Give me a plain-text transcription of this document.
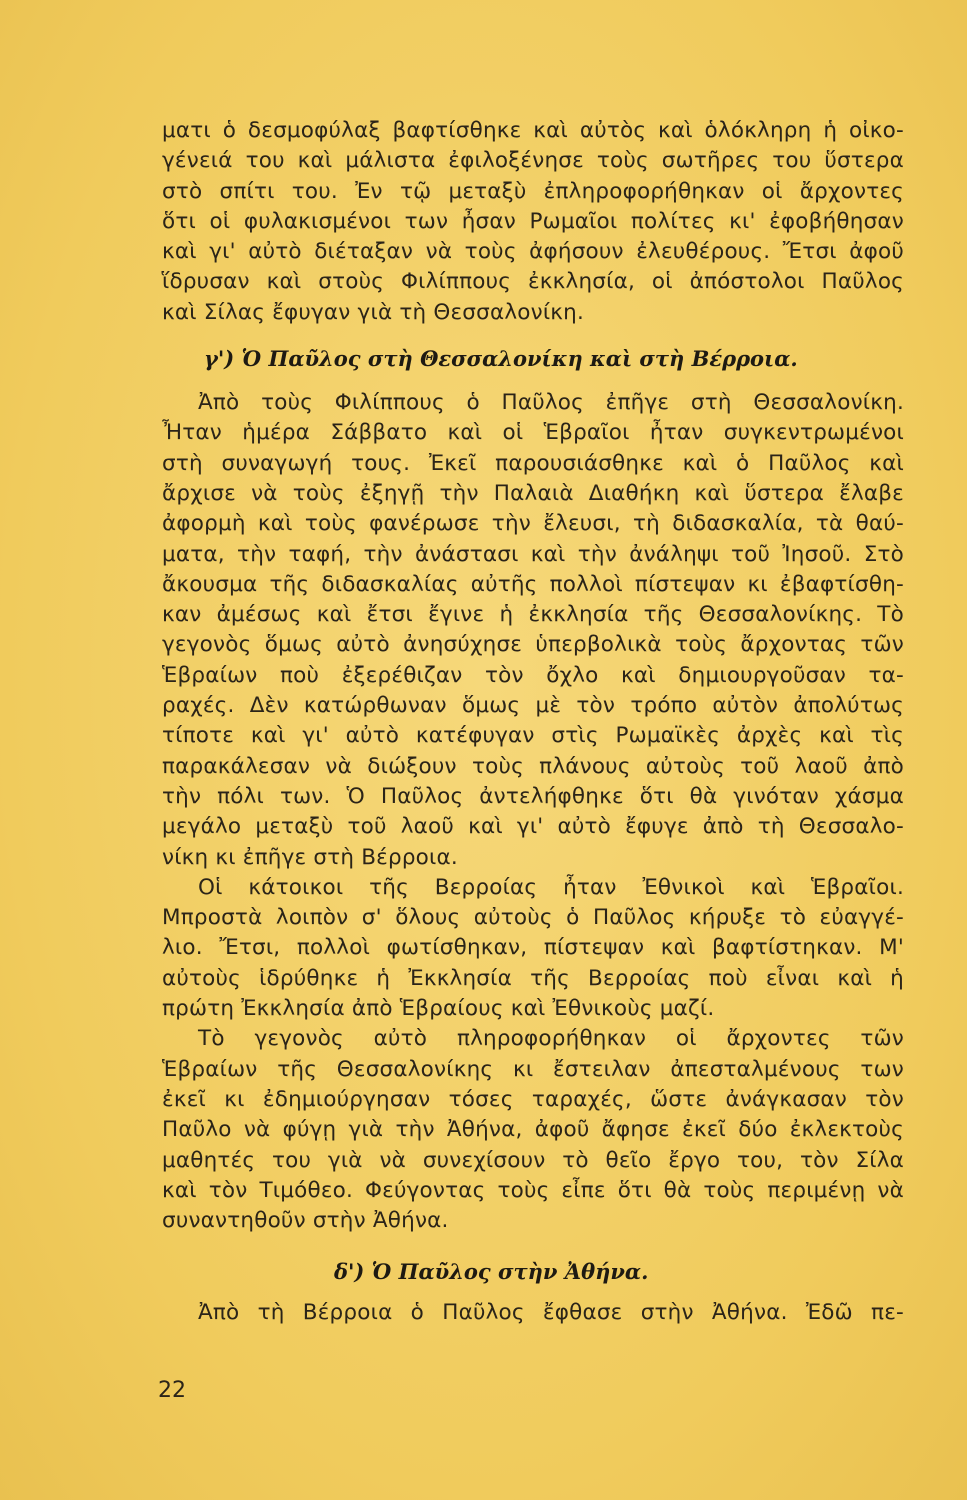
ματι ὁ δεσμοφύλαξ βαφτίσθηκε καὶ αὐτὸς καὶ ὁλόκληρη ἡ οἰκο-
γένειά του καὶ μάλιστα ἐφιλοξένησε τοὺς σωτῆρες του ὕστερα
στὸ σπίτι του. Ἐν τῷ μεταξὺ ἐπληροφορήθηκαν οἱ ἄρχοντες
ὅτι οἱ φυλακισμένοι των ἦσαν Ρωμαῖοι πολίτες κι' ἐφοβήθησαν
καὶ γι' αὐτὸ διέταξαν νὰ τοὺς ἀφήσουν ἐλευθέρους. Ἔτσι ἀφοῦ
ἵδρυσαν καὶ στοὺς Φιλίππους ἐκκλησία, οἱ ἀπόστολοι Παῦλος
καὶ Σίλας ἔφυγαν γιὰ τὴ Θεσσαλονίκη.

γ') Ὁ Παῦλος στὴ Θεσσαλονίκη καὶ στὴ Βέρροια.

Ἀπὸ τοὺς Φιλίππους ὁ Παῦλος ἐπῆγε στὴ Θεσσαλονίκη.
Ἦταν ἡμέρα Σάββατο καὶ οἱ Ἑβραῖοι ἦταν συγκεντρωμένοι
στὴ συναγωγή τους. Ἐκεῖ παρουσιάσθηκε καὶ ὁ Παῦλος καὶ
ἄρχισε νὰ τοὺς ἐξηγῇ τὴν Παλαιὰ Διαθήκη καὶ ὕστερα ἔλαβε
ἀφορμὴ καὶ τοὺς φανέρωσε τὴν ἔλευσι, τὴ διδασκαλία, τὰ θαύ-
ματα, τὴν ταφή, τὴν ἀνάστασι καὶ τὴν ἀνάληψι τοῦ Ἰησοῦ. Στὸ
ἄκουσμα τῆς διδασκαλίας αὐτῆς πολλοὶ πίστεψαν κι ἐβαφτίσθη-
καν ἀμέσως καὶ ἔτσι ἔγινε ἡ ἐκκλησία τῆς Θεσσαλονίκης. Τὸ
γεγονὸς ὅμως αὐτὸ ἀνησύχησε ὑπερβολικὰ τοὺς ἄρχοντας τῶν
Ἑβραίων ποὺ ἐξερέθιζαν τὸν ὄχλο καὶ δημιουργοῦσαν τα-
ραχές. Δὲν κατώρθωναν ὅμως μὲ τὸν τρόπο αὐτὸν ἀπολύτως
τίποτε καὶ γι' αὐτὸ κατέφυγαν στὶς Ρωμαϊκὲς ἀρχὲς καὶ τὶς
παρακάλεσαν νὰ διώξουν τοὺς πλάνους αὐτοὺς τοῦ λαοῦ ἀπὸ
τὴν πόλι των. Ὁ Παῦλος ἀντελήφθηκε ὅτι θὰ γινόταν χάσμα
μεγάλο μεταξὺ τοῦ λαοῦ καὶ γι' αὐτὸ ἔφυγε ἀπὸ τὴ Θεσσαλο-
νίκη κι ἐπῆγε στὴ Βέρροια.

Οἱ κάτοικοι τῆς Βερροίας ἦταν Ἐθνικοὶ καὶ Ἑβραῖοι.
Μπροστὰ λοιπὸν σ' ὅλους αὐτοὺς ὁ Παῦλος κήρυξε τὸ εὐαγγέ-
λιο. Ἔτσι, πολλοὶ φωτίσθηκαν, πίστεψαν καὶ βαφτίστηκαν. Μ'
αὐτοὺς ἱδρύθηκε ἡ Ἐκκλησία τῆς Βερροίας ποὺ εἶναι καὶ ἡ
πρώτη Ἐκκλησία ἀπὸ Ἑβραίους καὶ Ἐθνικοὺς μαζί.

Τὸ γεγονὸς αὐτὸ πληροφορήθηκαν οἱ ἄρχοντες τῶν
Ἑβραίων τῆς Θεσσαλονίκης κι ἔστειλαν ἀπεσταλμένους των
ἐκεῖ κι ἐδημιούργησαν τόσες ταραχές, ὥστε ἀνάγκασαν τὸν
Παῦλο νὰ φύγῃ γιὰ τὴν Ἀθήνα, ἀφοῦ ἄφησε ἐκεῖ δύο ἐκλεκτοὺς
μαθητές του γιὰ νὰ συνεχίσουν τὸ θεῖο ἔργο του, τὸν Σίλα
καὶ τὸν Τιμόθεο. Φεύγοντας τοὺς εἶπε ὅτι θὰ τοὺς περιμένῃ νὰ
συναντηθοῦν στὴν Ἀθήνα.

δ') Ὁ Παῦλος στὴν Ἀθήνα.

Ἀπὸ τὴ Βέρροια ὁ Παῦλος ἔφθασε στὴν Ἀθήνα. Ἐδῶ πε-

22
